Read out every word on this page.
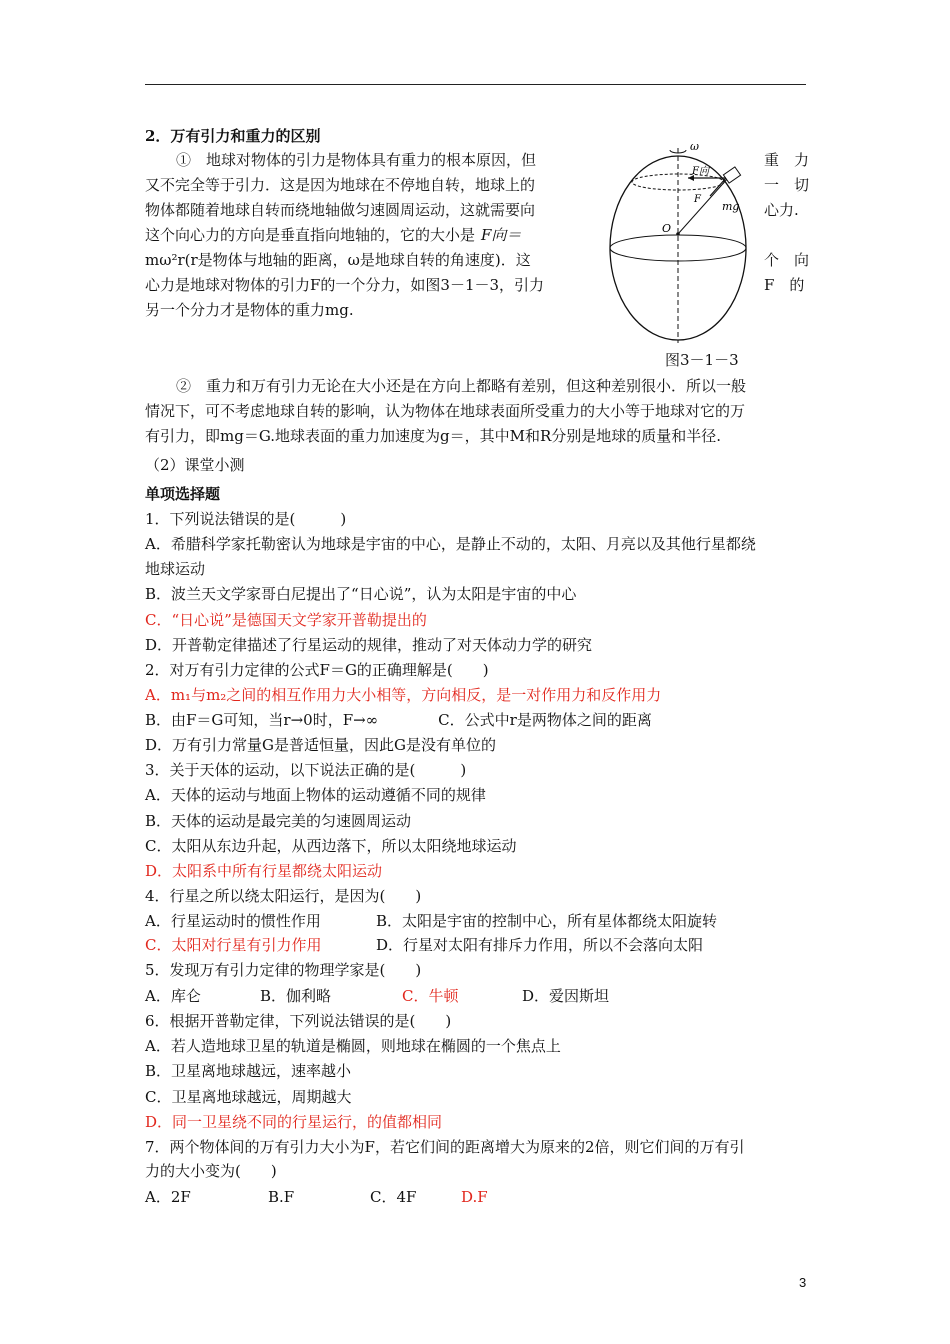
2．万有引力和重力的区别
①　地球对物体的引力是物体具有重力的根本原因，但
又不完全等于引力．这是因为地球在不停地自转，地球上的
物体都随着地球自转而绕地轴做匀速圆周运动，这就需要向
这个向心力的方向是垂直指向地轴的，它的大小是 F向＝
mω²r(r是物体与地轴的距离，ω是地球自转的角速度)．这
心力是地球对物体的引力F的一个分力，如图3－1－3，引力
另一个分力才是物体的重力mg.
重　力
一　切
心力.
个　向
F　的
ω
F向
F
mg
O
图3－1－3
②　重力和万有引力无论在大小还是在方向上都略有差别，但这种差别很小．所以一般
情况下，可不考虑地球自转的影响，认为物体在地球表面所受重力的大小等于地球对它的万
有引力，即mg＝G.地球表面的重力加速度为g＝，其中M和R分别是地球的质量和半径.
（2）课堂小测
单项选择题
1．下列说法错误的是(　　　)
A．希腊科学家托勒密认为地球是宇宙的中心，是静止不动的，太阳、月亮以及其他行星都绕
地球运动
B．波兰天文学家哥白尼提出了“日心说”，认为太阳是宇宙的中心
C．“日心说”是德国天文学家开普勒提出的
D．开普勒定律描述了行星运动的规律，推动了对天体动力学的研究
2．对万有引力定律的公式F＝G的正确理解是(　　)
A．m₁与m₂之间的相互作用力大小相等，方向相反，是一对作用力和反作用力
B．由F＝G可知，当r→0时，F→∞　　　　C．公式中r是两物体之间的距离
D．万有引力常量G是普适恒量，因此G是没有单位的
3．关于天体的运动，以下说法正确的是(　　　)
A．天体的运动与地面上物体的运动遵循不同的规律
B．天体的运动是最完美的匀速圆周运动
C．太阳从东边升起，从西边落下，所以太阳绕地球运动
D．太阳系中所有行星都绕太阳运动
4．行星之所以绕太阳运行，是因为(　　)
A．行星运动时的惯性作用	B．太阳是宇宙的控制中心，所有星体都绕太阳旋转
C．太阳对行星有引力作用	D．行星对太阳有排斥力作用，所以不会落向太阳
5．发现万有引力定律的物理学家是(　　)
A．库仑	B．伽利略	C．牛顿	D．爱因斯坦
6．根据开普勒定律，下列说法错误的是(　　)
A．若人造地球卫星的轨道是椭圆，则地球在椭圆的一个焦点上
B．卫星离地球越远，速率越小
C．卫星离地球越远，周期越大
D．同一卫星绕不同的行星运行，的值都相同
7．两个物体间的万有引力大小为F，若它们间的距离增大为原来的2倍，则它们间的万有引
力的大小变为(　　)
A．2F	B.F	C．4F	D.F
3
